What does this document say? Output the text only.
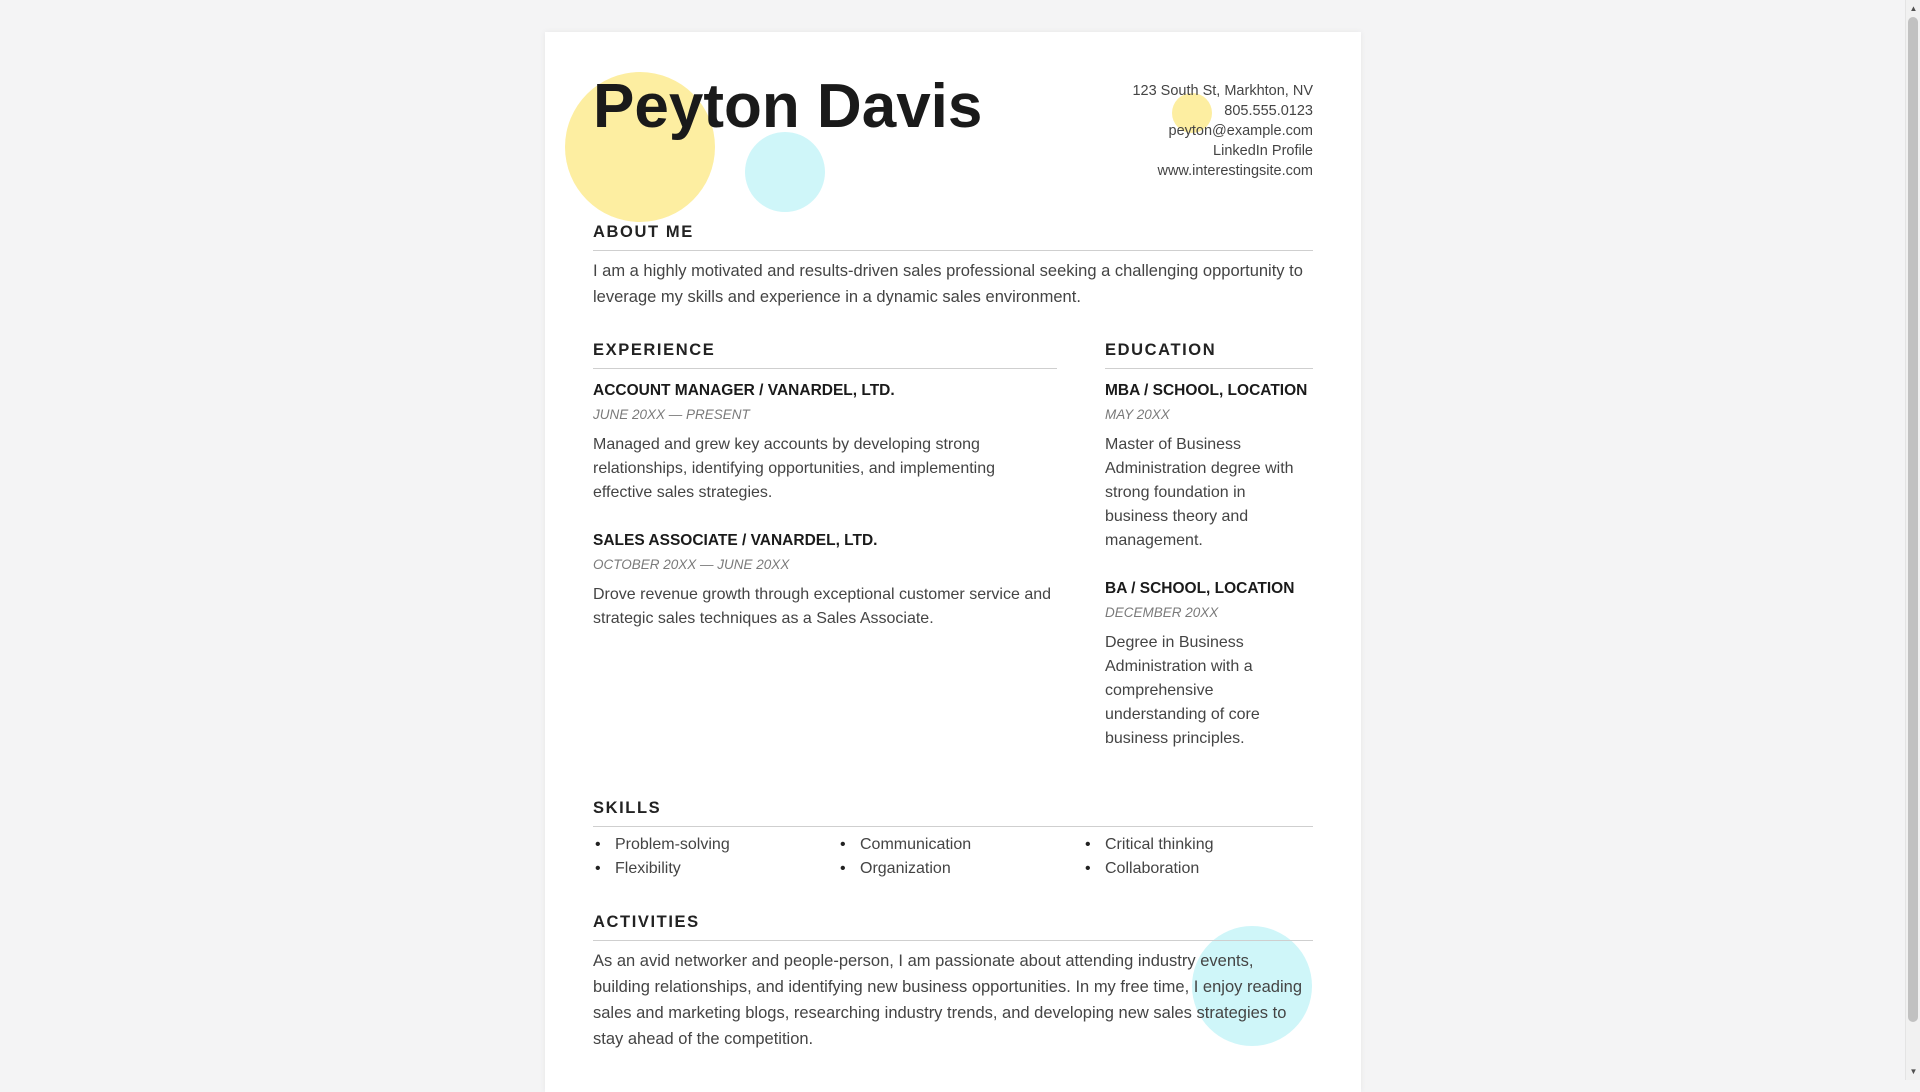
Peyton Davis	123 South St, Markhton, NV
805.555.0123
peyton@example.com
LinkedIn Profile
www.interestingsite.com
ABOUT ME

I am a highly motivated and results-driven sales professional seeking a challenging opportunity to leverage my skills and experience in a dynamic sales environment.

EXPERIENCE
ACCOUNT MANAGER / VANARDEL, LTD.
JUNE 20XX — PRESENT

Managed and grew key accounts by developing strong relationships, identifying opportunities, and implementing effective sales strategies.

SALES ASSOCIATE / VANARDEL, LTD.
OCTOBER 20XX — JUNE 20XX

Drove revenue growth through exceptional customer service and strategic sales techniques as a Sales Associate.

EDUCATION
MBA / SCHOOL, LOCATION
MAY 20XX

Master of Business Administration degree with strong foundation in business theory and management.

BA / SCHOOL, LOCATION
DECEMBER 20XX

Degree in Business Administration with a comprehensive understanding of core business principles.

SKILLS
• Problem-solving	• Communication	• Critical thinking
• Flexibility	• Organization	• Collaboration
ACTIVITIES

As an avid networker and people-person, I am passionate about attending industry events, building relationships, and identifying new business opportunities. In my free time, I enjoy reading sales and marketing blogs, researching industry trends, and developing new sales strategies to stay ahead of the competition.

▲
▼
